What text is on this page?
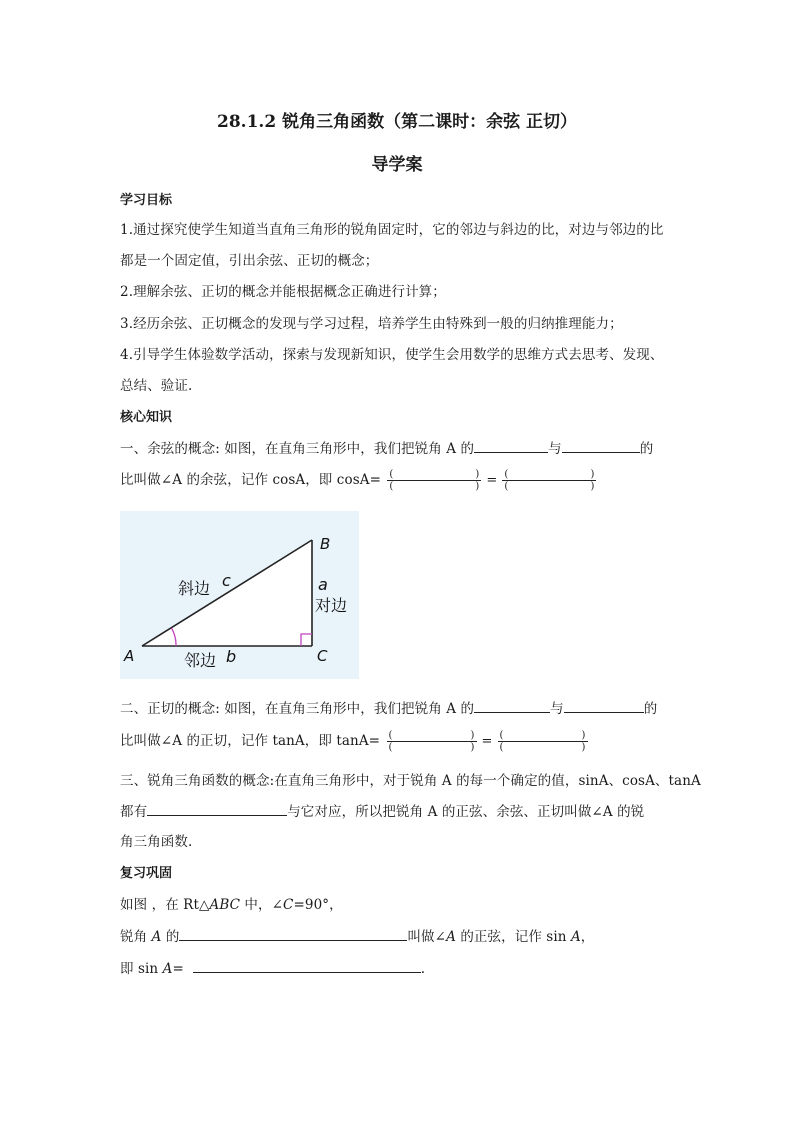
28.1.2 锐角三角函数（第二课时：余弦 正切）
导学案
学习目标
1.通过探究使学生知道当直角三角形的锐角固定时，它的邻边与斜边的比，对边与邻边的比
都是一个固定值，引出余弦、正切的概念；
2.理解余弦、正切的概念并能根据概念正确进行计算；
3.经历余弦、正切概念的发现与学习过程，培养学生由特殊到一般的归纳推理能力；
4.引导学生体验数学活动，探索与发现新知识，使学生会用数学的思维方式去思考、发现、
总结、验证.
核心知识
一、余弦的概念: 如图，在直角三角形中，我们把锐角 A 的	与	的
比叫做∠A 的余弦，记作 cosA，即 cosA= (	)
(	) = (	)
(	)
B
A	C
斜边 c	a
对边
邻边 b
二、正切的概念: 如图，在直角三角形中，我们把锐角 A 的	与	的
比叫做∠A 的正切，记作 tanA，即 tanA= (	)
(	) = (	)
(	)
三、锐角三角函数的概念:在直角三角形中，对于锐角 A 的每一个确定的值，sinA、cosA、tanA
都有	与它对应，所以把锐角 A 的正弦、余弦、正切叫做∠A 的锐
角三角函数.
复习巩固
如图 ，在 Rt△ABC 中，∠C=90°，
锐角 A 的	叫做∠A 的正弦，记作 sin A，
即 sin A=	.
